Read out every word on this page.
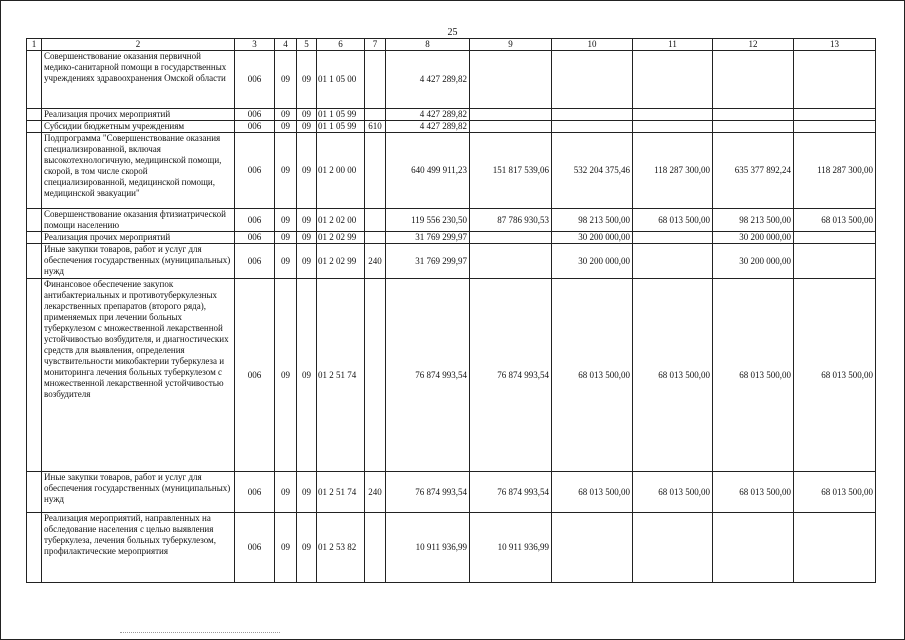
25
1	2	3	4	5	6	7	8	9	10	11	12	13
	Совершенствование оказания первичной медико-санитарной помощи в государственных учреждениях здравоохранения Омской области	006	09	09	01 1 05 00		4 427 289,82					
	Реализация прочих мероприятий	006	09	09	01 1 05 99		4 427 289,82					
	Субсидии бюджетным учреждениям	006	09	09	01 1 05 99	610	4 427 289,82					
	Подпрограмма "Совершенствование оказания специализированной, включая высокотехнологичную, медицинской помощи, скорой, в том числе скорой специализированной, медицинской помощи, медицинской эвакуации"	006	09	09	01 2 00 00		640 499 911,23	151 817 539,06	532 204 375,46	118 287 300,00	635 377 892,24	118 287 300,00
	Совершенствование оказания фтизиатрической помощи населению	006	09	09	01 2 02 00		119 556 230,50	87 786 930,53	98 213 500,00	68 013 500,00	98 213 500,00	68 013 500,00
	Реализация прочих мероприятий	006	09	09	01 2 02 99		31 769 299,97		30 200 000,00		30 200 000,00	
	Иные закупки товаров, работ и услуг для обеспечения государственных (муниципальных) нужд	006	09	09	01 2 02 99	240	31 769 299,97		30 200 000,00		30 200 000,00	
	Финансовое обеспечение закупок антибактериальных и противотуберкулезных лекарственных препаратов (второго ряда), применяемых при лечении больных туберкулезом с множественной лекарственной устойчивостью возбудителя, и диагностических средств для выявления, определения чувствительности микобактерии туберкулеза и мониторинга лечения больных туберкулезом с множественной лекарственной устойчивостью возбудителя	006	09	09	01 2 51 74		76 874 993,54	76 874 993,54	68 013 500,00	68 013 500,00	68 013 500,00	68 013 500,00
	Иные закупки товаров, работ и услуг для обеспечения государственных (муниципальных) нужд	006	09	09	01 2 51 74	240	76 874 993,54	76 874 993,54	68 013 500,00	68 013 500,00	68 013 500,00	68 013 500,00
	Реализация мероприятий, направленных на обследование населения с целью выявления туберкулеза, лечения больных туберкулезом, профилактические мероприятия	006	09	09	01 2 53 82		10 911 936,99	10 911 936,99				
